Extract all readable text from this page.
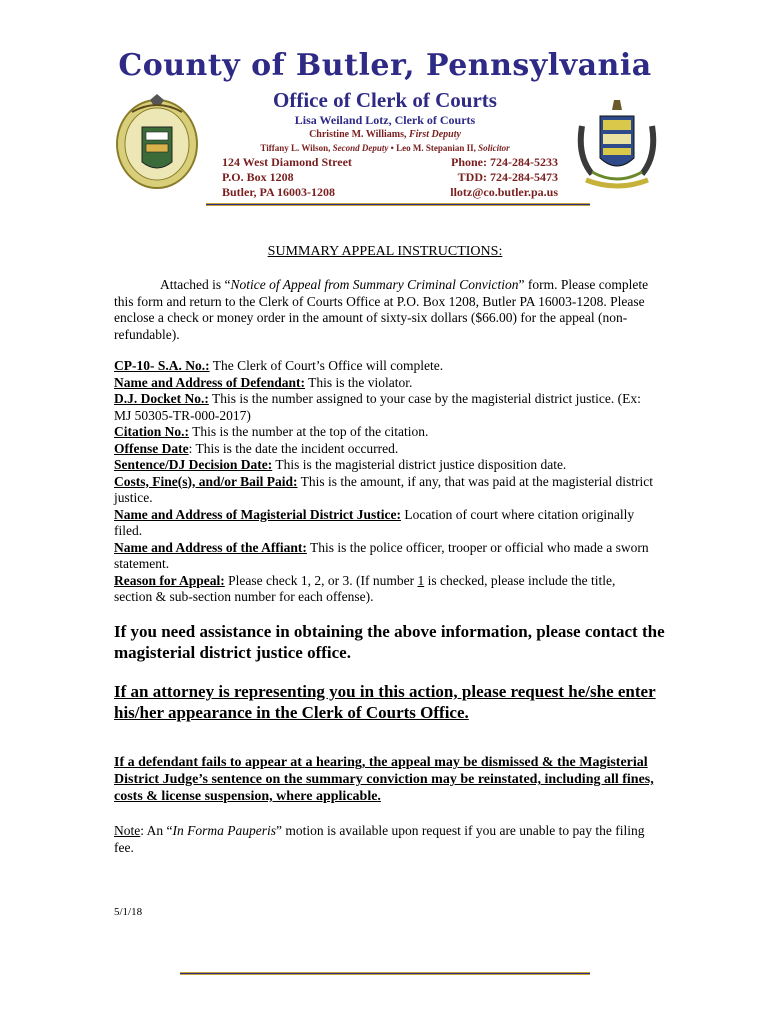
County of Butler, Pennsylvania
Office of Clerk of Courts
Lisa Weiland Lotz, Clerk of Courts
Christine M. Williams, First Deputy
Tiffany L. Wilson, Second Deputy • Leo M. Stepanian II, Solicitor
124 West Diamond Street
P.O. Box 1208
Butler, PA 16003-1208
Phone: 724-284-5233
TDD: 724-284-5473
llotz@co.butler.pa.us
SUMMARY APPEAL INSTRUCTIONS:
Attached is “Notice of Appeal from Summary Criminal Conviction” form. Please complete this form and return to the Clerk of Courts Office at P.O. Box 1208, Butler PA 16003-1208. Please enclose a check or money order in the amount of sixty-six dollars ($66.00) for the appeal (non-refundable).
CP-10- S.A. No.: The Clerk of Court’s Office will complete.
Name and Address of Defendant: This is the violator.
D.J. Docket No.: This is the number assigned to your case by the magisterial district justice. (Ex: MJ 50305-TR-000-2017)
Citation No.: This is the number at the top of the citation.
Offense Date: This is the date the incident occurred.
Sentence/DJ Decision Date: This is the magisterial district justice disposition date.
Costs, Fine(s), and/or Bail Paid: This is the amount, if any, that was paid at the magisterial district justice.
Name and Address of Magisterial District Justice: Location of court where citation originally filed.
Name and Address of the Affiant: This is the police officer, trooper or official who made a sworn statement.
Reason for Appeal: Please check 1, 2, or 3. (If number 1 is checked, please include the title, section & sub-section number for each offense).
If you need assistance in obtaining the above information, please contact the magisterial district justice office.
If an attorney is representing you in this action, please request he/she enter his/her appearance in the Clerk of Courts Office.
If a defendant fails to appear at a hearing, the appeal may be dismissed & the Magisterial District Judge’s sentence on the summary conviction may be reinstated, including all fines, costs & license suspension, where applicable.
Note: An “In Forma Pauperis” motion is available upon request if you are unable to pay the filing fee.
5/1/18
